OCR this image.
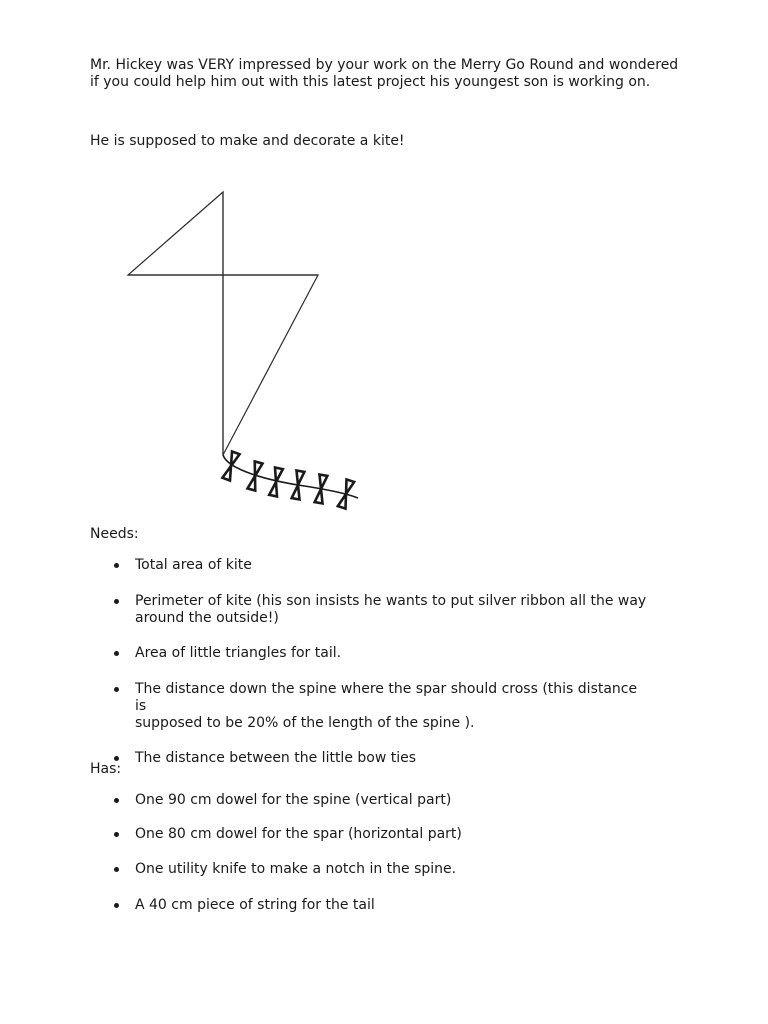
Mr. Hickey was VERY impressed by your work on the Merry Go Round and wondered
if you could help him out with this latest project his youngest son is working on.

He is supposed to make and decorate a kite!

Needs:

Total area of kite
Perimeter of kite (his son insists he wants to put silver ribbon all the way
around the outside!)
Area of little triangles for tail.
The distance down the spine where the spar should cross (this distance is
supposed to be 20% of the length of the spine ).
The distance between the little bow ties

Has:

One 90 cm dowel for the spine (vertical part)
One 80 cm dowel for the spar (horizontal part)
One utility knife to make a notch in the spine.
A 40 cm piece of string for the tail
